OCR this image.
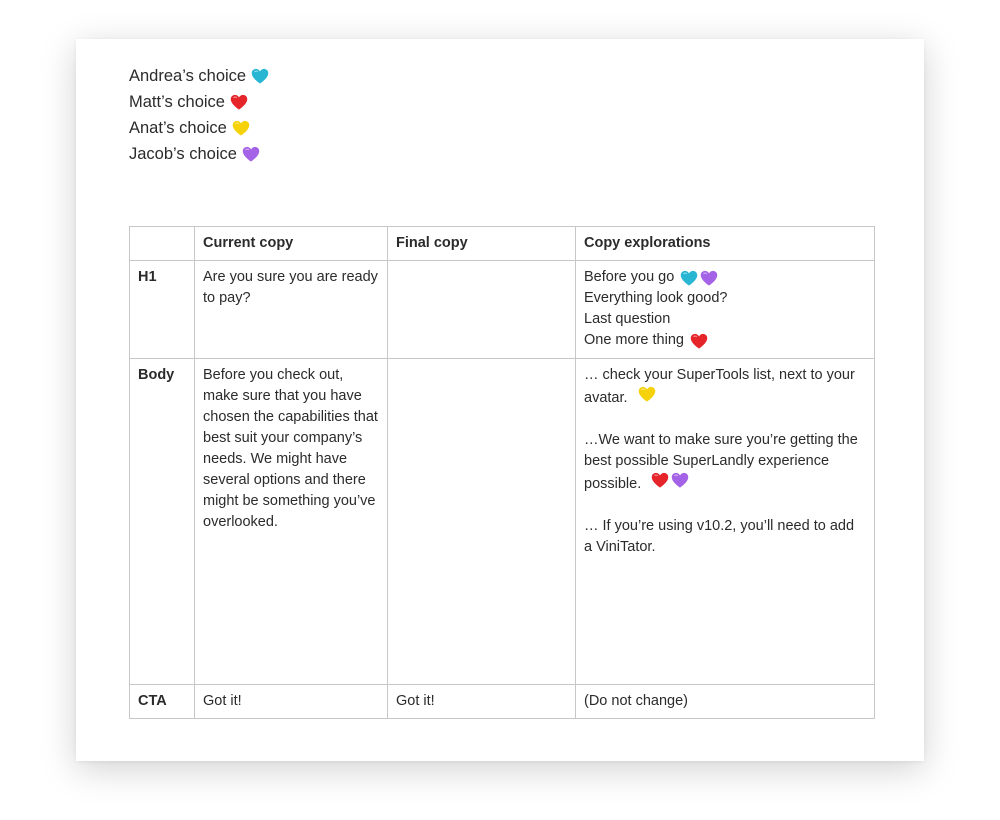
Andrea’s choice
Matt’s choice
Anat’s choice
Jacob’s choice
	Current copy	Final copy	Copy explorations
H1	Are you sure you are ready to pay?		Before you go
Everything look good?
Last question
One more thing

Body	Before you check out, make sure that you have chosen the capabilities that best suit your company’s needs. We might have several options and there might be something you’ve overlooked.		… check your SuperTools list, next to your avatar.
…We want to make sure you’re getting the best possible SuperLandly experience possible.
… If you’re using v10.2, you’ll need to add a ViniTator.

CTA	Got it!	Got it!	(Do not change)
